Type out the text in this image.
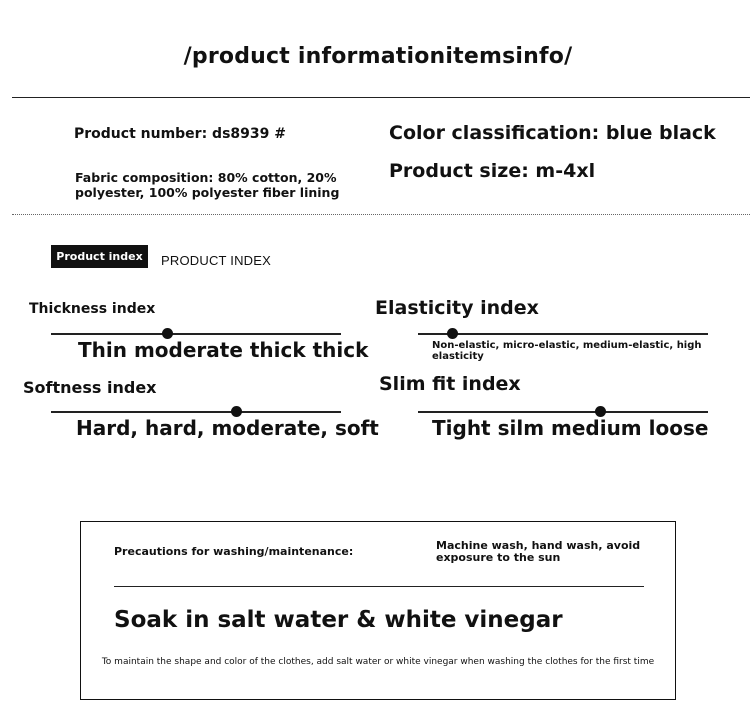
/product informationitemsinfo/
Product number: ds8939 #
Fabric composition: 80% cotton, 20% polyester, 100% polyester fiber lining
Color classification: blue black
Product size: m-4xl
Product index	PRODUCT INDEX
Thickness index
Thin moderate thick thick
Elasticity index
Non-elastic, micro-elastic, medium-elastic, high elasticity
Softness index
Hard, hard, moderate, soft
Slim fit index
Tight silm medium loose
Precautions for washing/maintenance:	Machine wash, hand wash, avoid exposure to the sun
Soak in salt water & white vinegar
To maintain the shape and color of the clothes, add salt water or white vinegar when washing the clothes for the first time
